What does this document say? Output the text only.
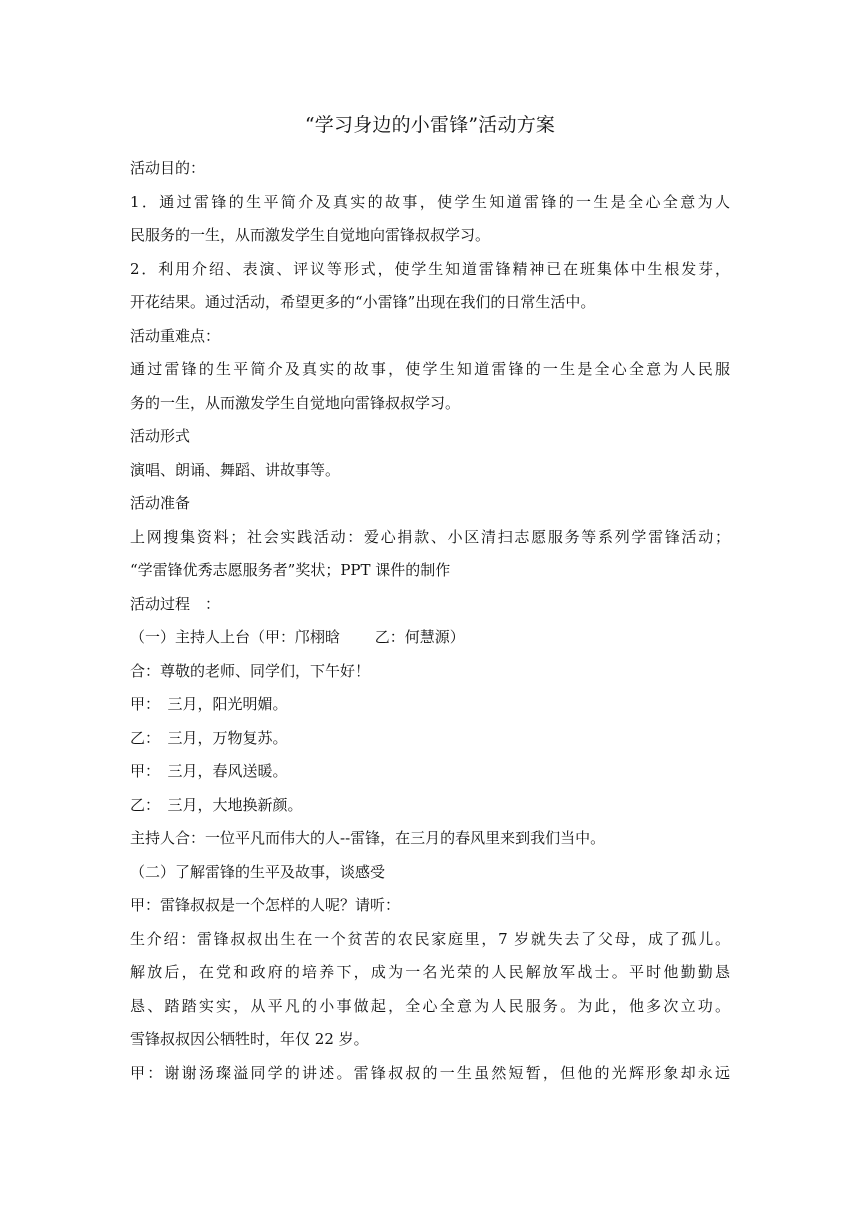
“学习身边的小雷锋”活动方案
活动目的：
1．通过雷锋的生平简介及真实的故事，使学生知道雷锋的一生是全心全意为人
民服务的一生，从而激发学生自觉地向雷锋叔叔学习。
2．利用介绍、表演、评议等形式，使学生知道雷锋精神已在班集体中生根发芽，
开花结果。通过活动，希望更多的“小雷锋”出现在我们的日常生活中。
活动重难点：
通过雷锋的生平简介及真实的故事，使学生知道雷锋的一生是全心全意为人民服
务的一生，从而激发学生自觉地向雷锋叔叔学习。
活动形式
演唱、朗诵、舞蹈、讲故事等。
活动准备
上网搜集资料；社会实践活动：爱心捐款、小区清扫志愿服务等系列学雷锋活动；
“学雷锋优秀志愿服务者”奖状；PPT 课件的制作
活动过程　：
（一）主持人上台（甲：邝栩晗　　 乙：何慧源）
合：尊敬的老师、同学们，下午好！
甲：　三月，阳光明媚。
乙：　三月，万物复苏。
甲：　三月，春风送暖。
乙：　三月，大地换新颜。
主持人合：一位平凡而伟大的人--雷锋，在三月的春风里来到我们当中。
（二）了解雷锋的生平及故事，谈感受
甲：雷锋叔叔是一个怎样的人呢？请听：
生介绍：雷锋叔叔出生在一个贫苦的农民家庭里，7 岁就失去了父母，成了孤儿。
解放后，在党和政府的培养下，成为一名光荣的人民解放军战士。平时他勤勤恳
恳、踏踏实实，从平凡的小事做起，全心全意为人民服务。为此，他多次立功。
雪锋叔叔因公牺牲时，年仅 22 岁。
甲：谢谢汤璨溢同学的讲述。雷锋叔叔的一生虽然短暂，但他的光辉形象却永远
